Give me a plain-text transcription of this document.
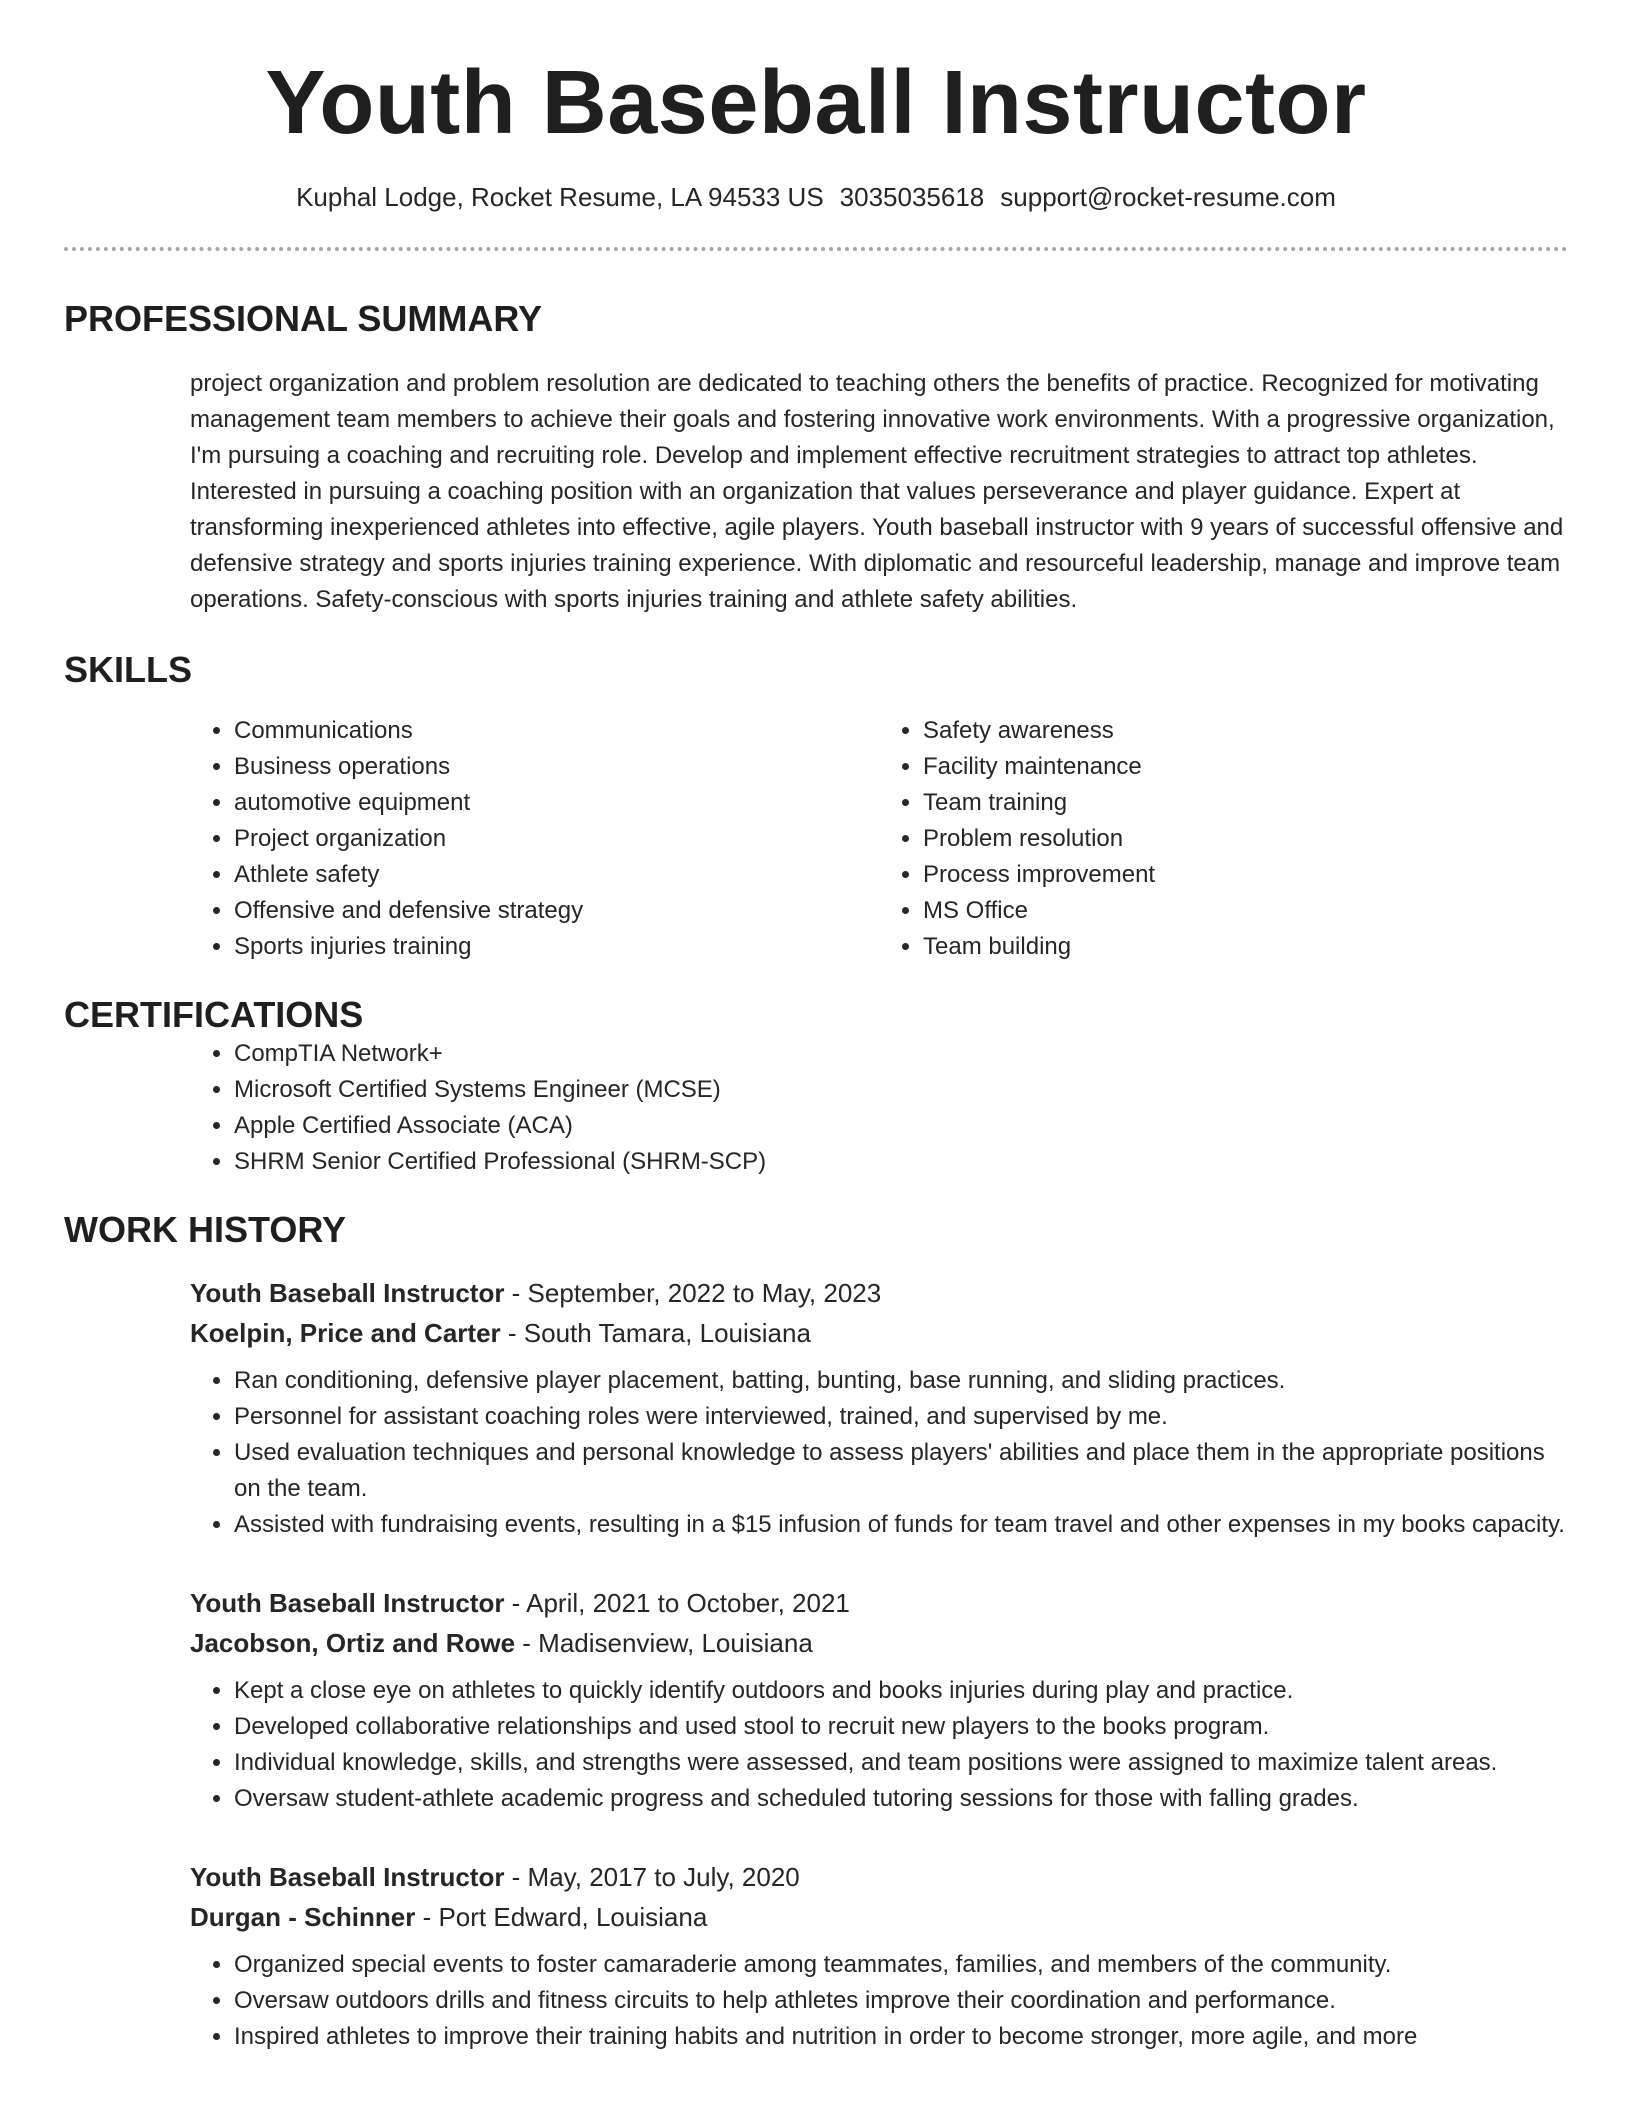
Youth Baseball Instructor
Kuphal Lodge, Rocket Resume, LA 94533 US 3035035618 support@rocket-resume.com
PROFESSIONAL SUMMARY

project organization and problem resolution are dedicated to teaching others the benefits of practice. Recognized for motivating management team members to achieve their goals and fostering innovative work environments. With a progressive organization, I'm pursuing a coaching and recruiting role. Develop and implement effective recruitment strategies to attract top athletes. Interested in pursuing a coaching position with an organization that values perseverance and player guidance. Expert at transforming inexperienced athletes into effective, agile players. Youth baseball instructor with 9 years of successful offensive and defensive strategy and sports injuries training experience. With diplomatic and resourceful leadership, manage and improve team operations. Safety-conscious with sports injuries training and athlete safety abilities.

SKILLS
• Communications
• Business operations
• automotive equipment
• Project organization
• Athlete safety
• Offensive and defensive strategy
• Sports injuries training
• Safety awareness
• Facility maintenance
• Team training
• Problem resolution
• Process improvement
• MS Office
• Team building
CERTIFICATIONS
• CompTIA Network+
• Microsoft Certified Systems Engineer (MCSE)
• Apple Certified Associate (ACA)
• SHRM Senior Certified Professional (SHRM-SCP)
WORK HISTORY
Youth Baseball Instructor - September, 2022 to May, 2023
Koelpin, Price and Carter - South Tamara, Louisiana
• Ran conditioning, defensive player placement, batting, bunting, base running, and sliding practices.
• Personnel for assistant coaching roles were interviewed, trained, and supervised by me.
• Used evaluation techniques and personal knowledge to assess players' abilities and place them in the appropriate positions on the team.
• Assisted with fundraising events, resulting in a $15 infusion of funds for team travel and other expenses in my books capacity.
Youth Baseball Instructor - April, 2021 to October, 2021
Jacobson, Ortiz and Rowe - Madisenview, Louisiana
• Kept a close eye on athletes to quickly identify outdoors and books injuries during play and practice.
• Developed collaborative relationships and used stool to recruit new players to the books program.
• Individual knowledge, skills, and strengths were assessed, and team positions were assigned to maximize talent areas.
• Oversaw student-athlete academic progress and scheduled tutoring sessions for those with falling grades.
Youth Baseball Instructor - May, 2017 to July, 2020
Durgan - Schinner - Port Edward, Louisiana
• Organized special events to foster camaraderie among teammates, families, and members of the community.
• Oversaw outdoors drills and fitness circuits to help athletes improve their coordination and performance.
• Inspired athletes to improve their training habits and nutrition in order to become stronger, more agile, and more
